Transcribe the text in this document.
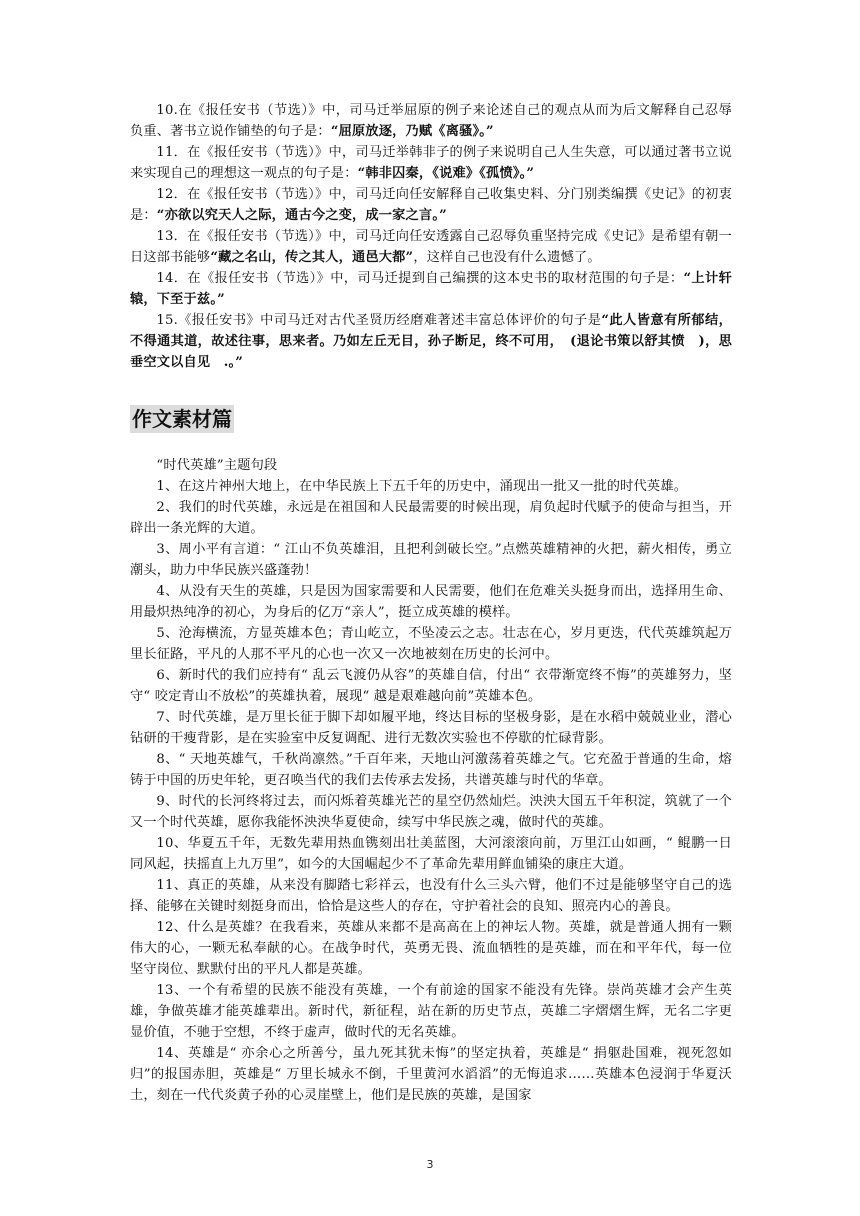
10.在《报任安书（节选）》中，司马迁举屈原的例子来论述自己的观点从而为后文解释自己忍辱负重、著书立说作铺垫的句子是：“屈原放逐，乃赋《离骚》。”

11．在《报任安书（节选）》中，司马迁举韩非子的例子来说明自己人生失意，可以通过著书立说来实现自己的理想这一观点的句子是：“韩非囚秦，《说难》《孤愤》。”

12．在《报任安书（节选）》中，司马迁向任安解释自己收集史料、分门别类编撰《史记》的初衷是：“亦欲以究天人之际，通古今之变，成一家之言。”

13．在《报任安书（节选）》中，司马迁向任安透露自己忍辱负重坚持完成《史记》是希望有朝一日这部书能够“藏之名山，传之其人，通邑大都”，这样自己也没有什么遗憾了。

14．在《报任安书（节选）》中，司马迁提到自己编撰的这本史书的取材范围的句子是：“上计轩辕，下至于兹。”

15.《报任安书》中司马迁对古代圣贤历经磨难著述丰富总体评价的句子是“此人皆意有所郁结，不得通其道，故述往事，思来者。乃如左丘无目，孙子断足，终不可用，　(退论书策以舒其愤　)，思垂空文以自见　.。”

作文素材篇

“时代英雄”主题句段

1、在这片神州大地上，在中华民族上下五千年的历史中，涌现出一批又一批的时代英雄。

2、我们的时代英雄，永远是在祖国和人民最需要的时候出现，肩负起时代赋予的使命与担当，开辟出一条光辉的大道。

3、周小平有言道：“ 江山不负英雄泪，且把利剑破长空。”点燃英雄精神的火把，薪火相传，勇立潮头，助力中华民族兴盛蓬勃！

4、从没有天生的英雄，只是因为国家需要和人民需要，他们在危难关头挺身而出，选择用生命、用最炽热纯净的初心，为身后的亿万“亲人”，挺立成英雄的模样。

5、沧海横流，方显英雄本色；青山屹立，不坠凌云之志。壮志在心，岁月更迭，代代英雄筑起万里长征路，平凡的人那不平凡的心也一次又一次地被刻在历史的长河中。

6、新时代的我们应持有“ 乱云飞渡仍从容”的英雄自信，付出“ 衣带渐宽终不悔”的英雄努力，坚守“ 咬定青山不放松”的英雄执着，展现“ 越是艰难越向前”英雄本色。

7、时代英雄，是万里长征于脚下却如履平地，终达目标的坚极身影，是在水稻中兢兢业业，潜心钻研的干瘦背影，是在实验室中反复调配、进行无数次实验也不停歇的忙碌背影。

8、“ 天地英雄气，千秋尚凛然。”千百年来，天地山河激荡着英雄之气。它充盈于普通的生命，熔铸于中国的历史年轮，更召唤当代的我们去传承去发扬，共谱英雄与时代的华章。

9、时代的长河终将过去，而闪烁着英雄光芒的星空仍然灿烂。泱泱大国五千年积淀，筑就了一个又一个时代英雄，愿你我能怀泱泱华夏使命，续写中华民族之魂，做时代的英雄。

10、华夏五千年，无数先辈用热血镌刻出壮美蓝图，大河滚滚向前，万里江山如画，“ 鲲鹏一日同风起，扶摇直上九万里”，如今的大国崛起少不了革命先辈用鲜血铺染的康庄大道。

11、真正的英雄，从来没有脚踏七彩祥云，也没有什么三头六臂，他们不过是能够坚守自己的选择、能够在关键时刻挺身而出，恰恰是这些人的存在，守护着社会的良知、照亮内心的善良。

12、什么是英雄？在我看来，英雄从来都不是高高在上的神坛人物。英雄，就是普通人拥有一颗伟大的心，一颗无私奉献的心。在战争时代，英勇无畏、流血牺牲的是英雄，而在和平年代，每一位坚守岗位、默默付出的平凡人都是英雄。

13、一个有希望的民族不能没有英雄，一个有前途的国家不能没有先锋。崇尚英雄才会产生英雄，争做英雄才能英雄辈出。新时代，新征程，站在新的历史节点，英雄二字熠熠生辉，无名二字更显价值，不驰于空想，不终于虚声，做时代的无名英雄。

14、英雄是“ 亦余心之所善兮，虽九死其犹未悔”的坚定执着，英雄是“ 捐躯赴国难，视死忽如归”的报国赤胆，英雄是“ 万里长城永不倒，千里黄河水滔滔”的无悔追求……英雄本色浸润于华夏沃土，刻在一代代炎黄子孙的心灵崖壁上，他们是民族的英雄，是国家

3
